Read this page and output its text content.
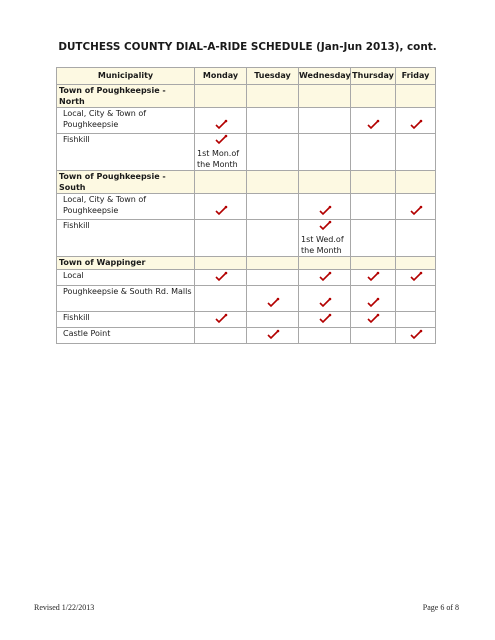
DUTCHESS COUNTY DIAL-A-RIDE SCHEDULE (Jan-Jun 2013), cont.
Municipality	Monday	Tuesday	Wednesday	Thursday	Friday
Town of Poughkeepsie - North					
Local, City & Town of Poughkeepsie	

Fishkill	1st Mon.of the Month				

Town of Poughkeepsie - South					
Local, City & Town of Poughkeepsie	

Fishkill			1st Wed.of the Month		

Town of Wappinger					
Local	

Poughkeepsie & South Rd. Malls		

Fishkill	

Castle Point		

Revised 1/22/2013	Page 6 of 8
